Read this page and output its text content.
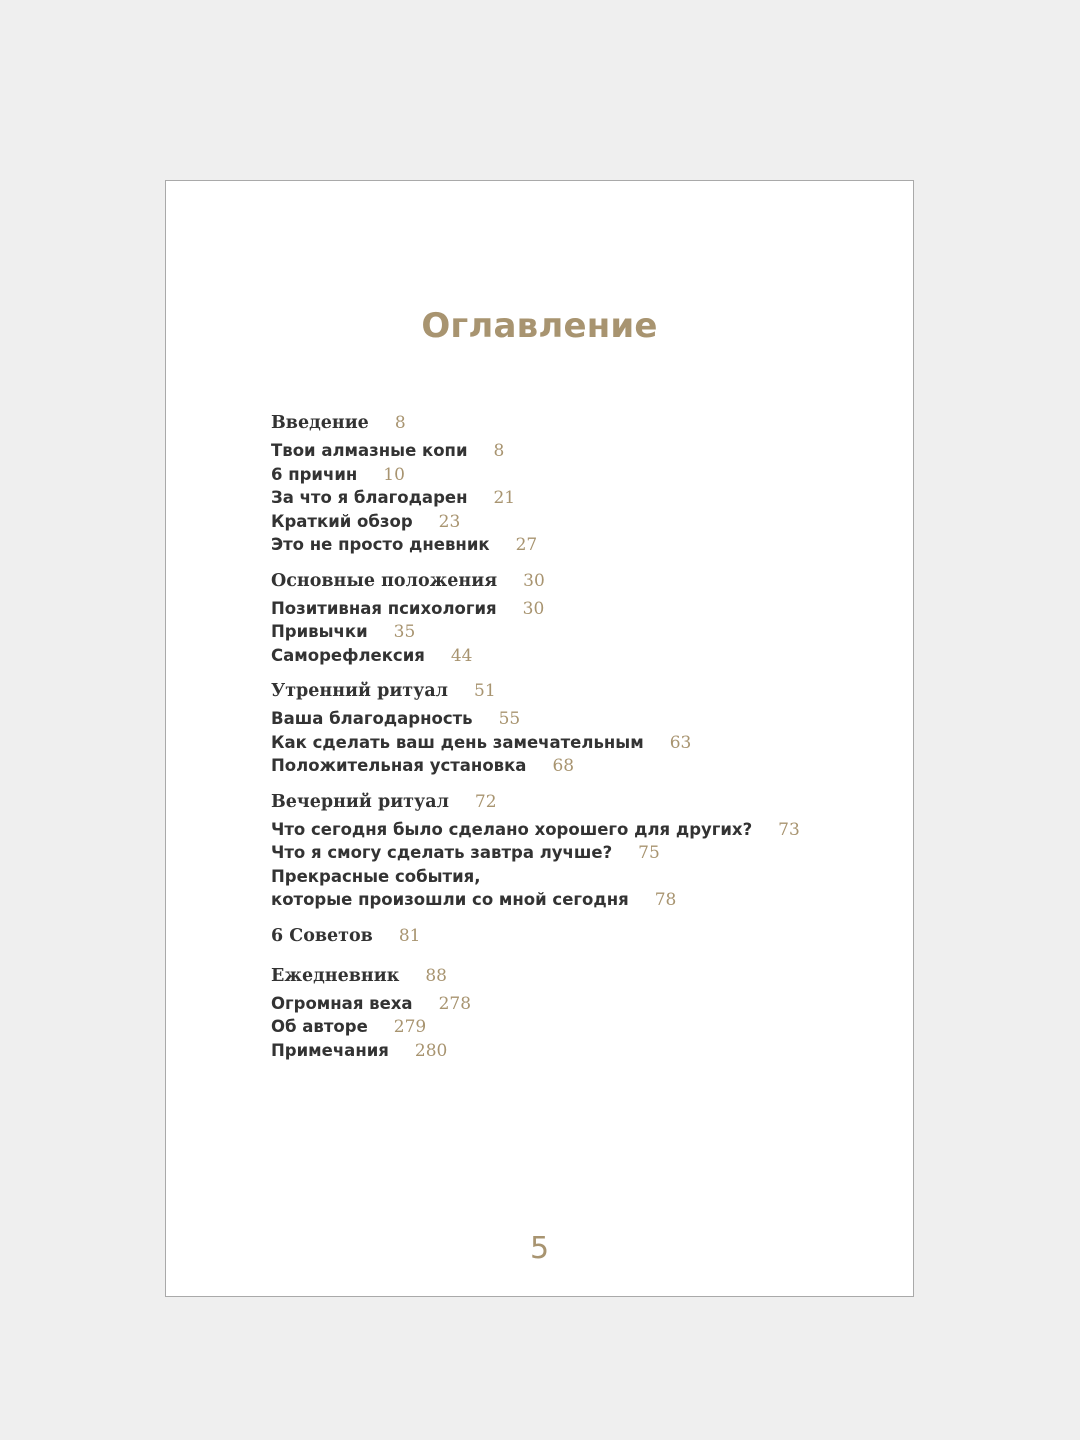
Оглавление
Введение 8
Твои алмазные копи 8
6 причин 10
За что я благодарен 21
Краткий обзор 23
Это не просто дневник 27
Основные положения 30
Позитивная психология 30
Привычки 35
Саморефлексия 44
Утренний ритуал 51
Ваша благодарность 55
Как сделать ваш день замечательным 63
Положительная установка 68
Вечерний ритуал 72
Что сегодня было сделано хорошего для других? 73
Что я смогу сделать завтра лучше? 75
Прекрасные события,
которые произошли со мной сегодня 78
6 Советов 81
Ежедневник 88
Огромная веха 278
Об авторе 279
Примечания 280
5
